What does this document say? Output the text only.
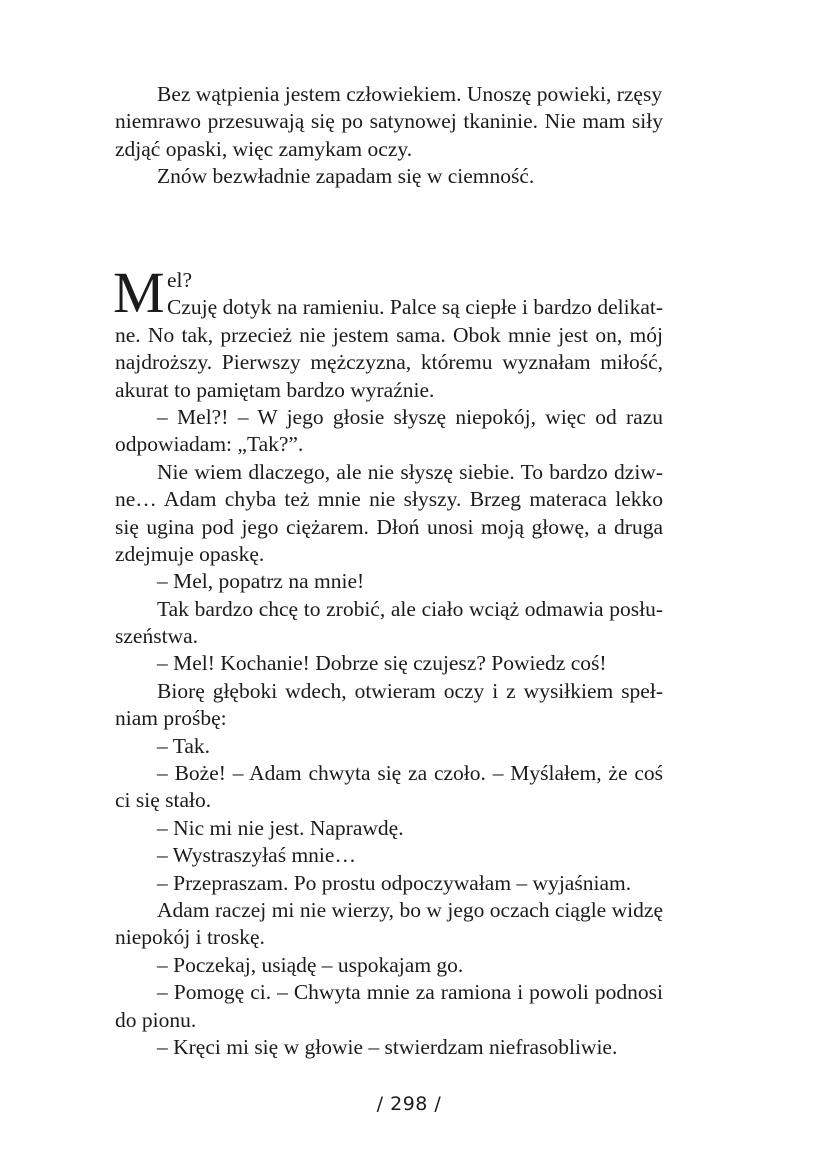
Bez wątpienia jestem człowiekiem. Unoszę powieki, rzęsy
niemrawo przesuwają się po satynowej tkaninie. Nie mam siły
zdjąć opaski, więc zamykam oczy.
Znów bezwładnie zapadam się w ciemność.
M el?
Czuję dotyk na ramieniu. Palce są ciepłe i bardzo delikat-
ne. No tak, przecież nie jestem sama. Obok mnie jest on, mój
najdroższy. Pierwszy mężczyzna, któremu wyznałam miłość,
akurat to pamiętam bardzo wyraźnie.
– Mel?! – W jego głosie słyszę niepokój, więc od razu
odpowiadam: „Tak?”.
Nie wiem dlaczego, ale nie słyszę siebie. To bardzo dziw-
ne… Adam chyba też mnie nie słyszy. Brzeg materaca lekko
się ugina pod jego ciężarem. Dłoń unosi moją głowę, a druga
zdejmuje opaskę.
– Mel, popatrz na mnie!
Tak bardzo chcę to zrobić, ale ciało wciąż odmawia posłu-
szeństwa.
– Mel! Kochanie! Dobrze się czujesz? Powiedz coś!
Biorę głęboki wdech, otwieram oczy i z wysiłkiem speł-
niam prośbę:
– Tak.
– Boże! – Adam chwyta się za czoło. – Myślałem, że coś
ci się stało.
– Nic mi nie jest. Naprawdę.
– Wystraszyłaś mnie…
– Przepraszam. Po prostu odpoczywałam – wyjaśniam.
Adam raczej mi nie wierzy, bo w jego oczach ciągle widzę
niepokój i troskę.
– Poczekaj, usiądę – uspokajam go.
– Pomogę ci. – Chwyta mnie za ramiona i powoli podnosi
do pionu.
– Kręci mi się w głowie – stwierdzam niefrasobliwie.
/ 298 /
